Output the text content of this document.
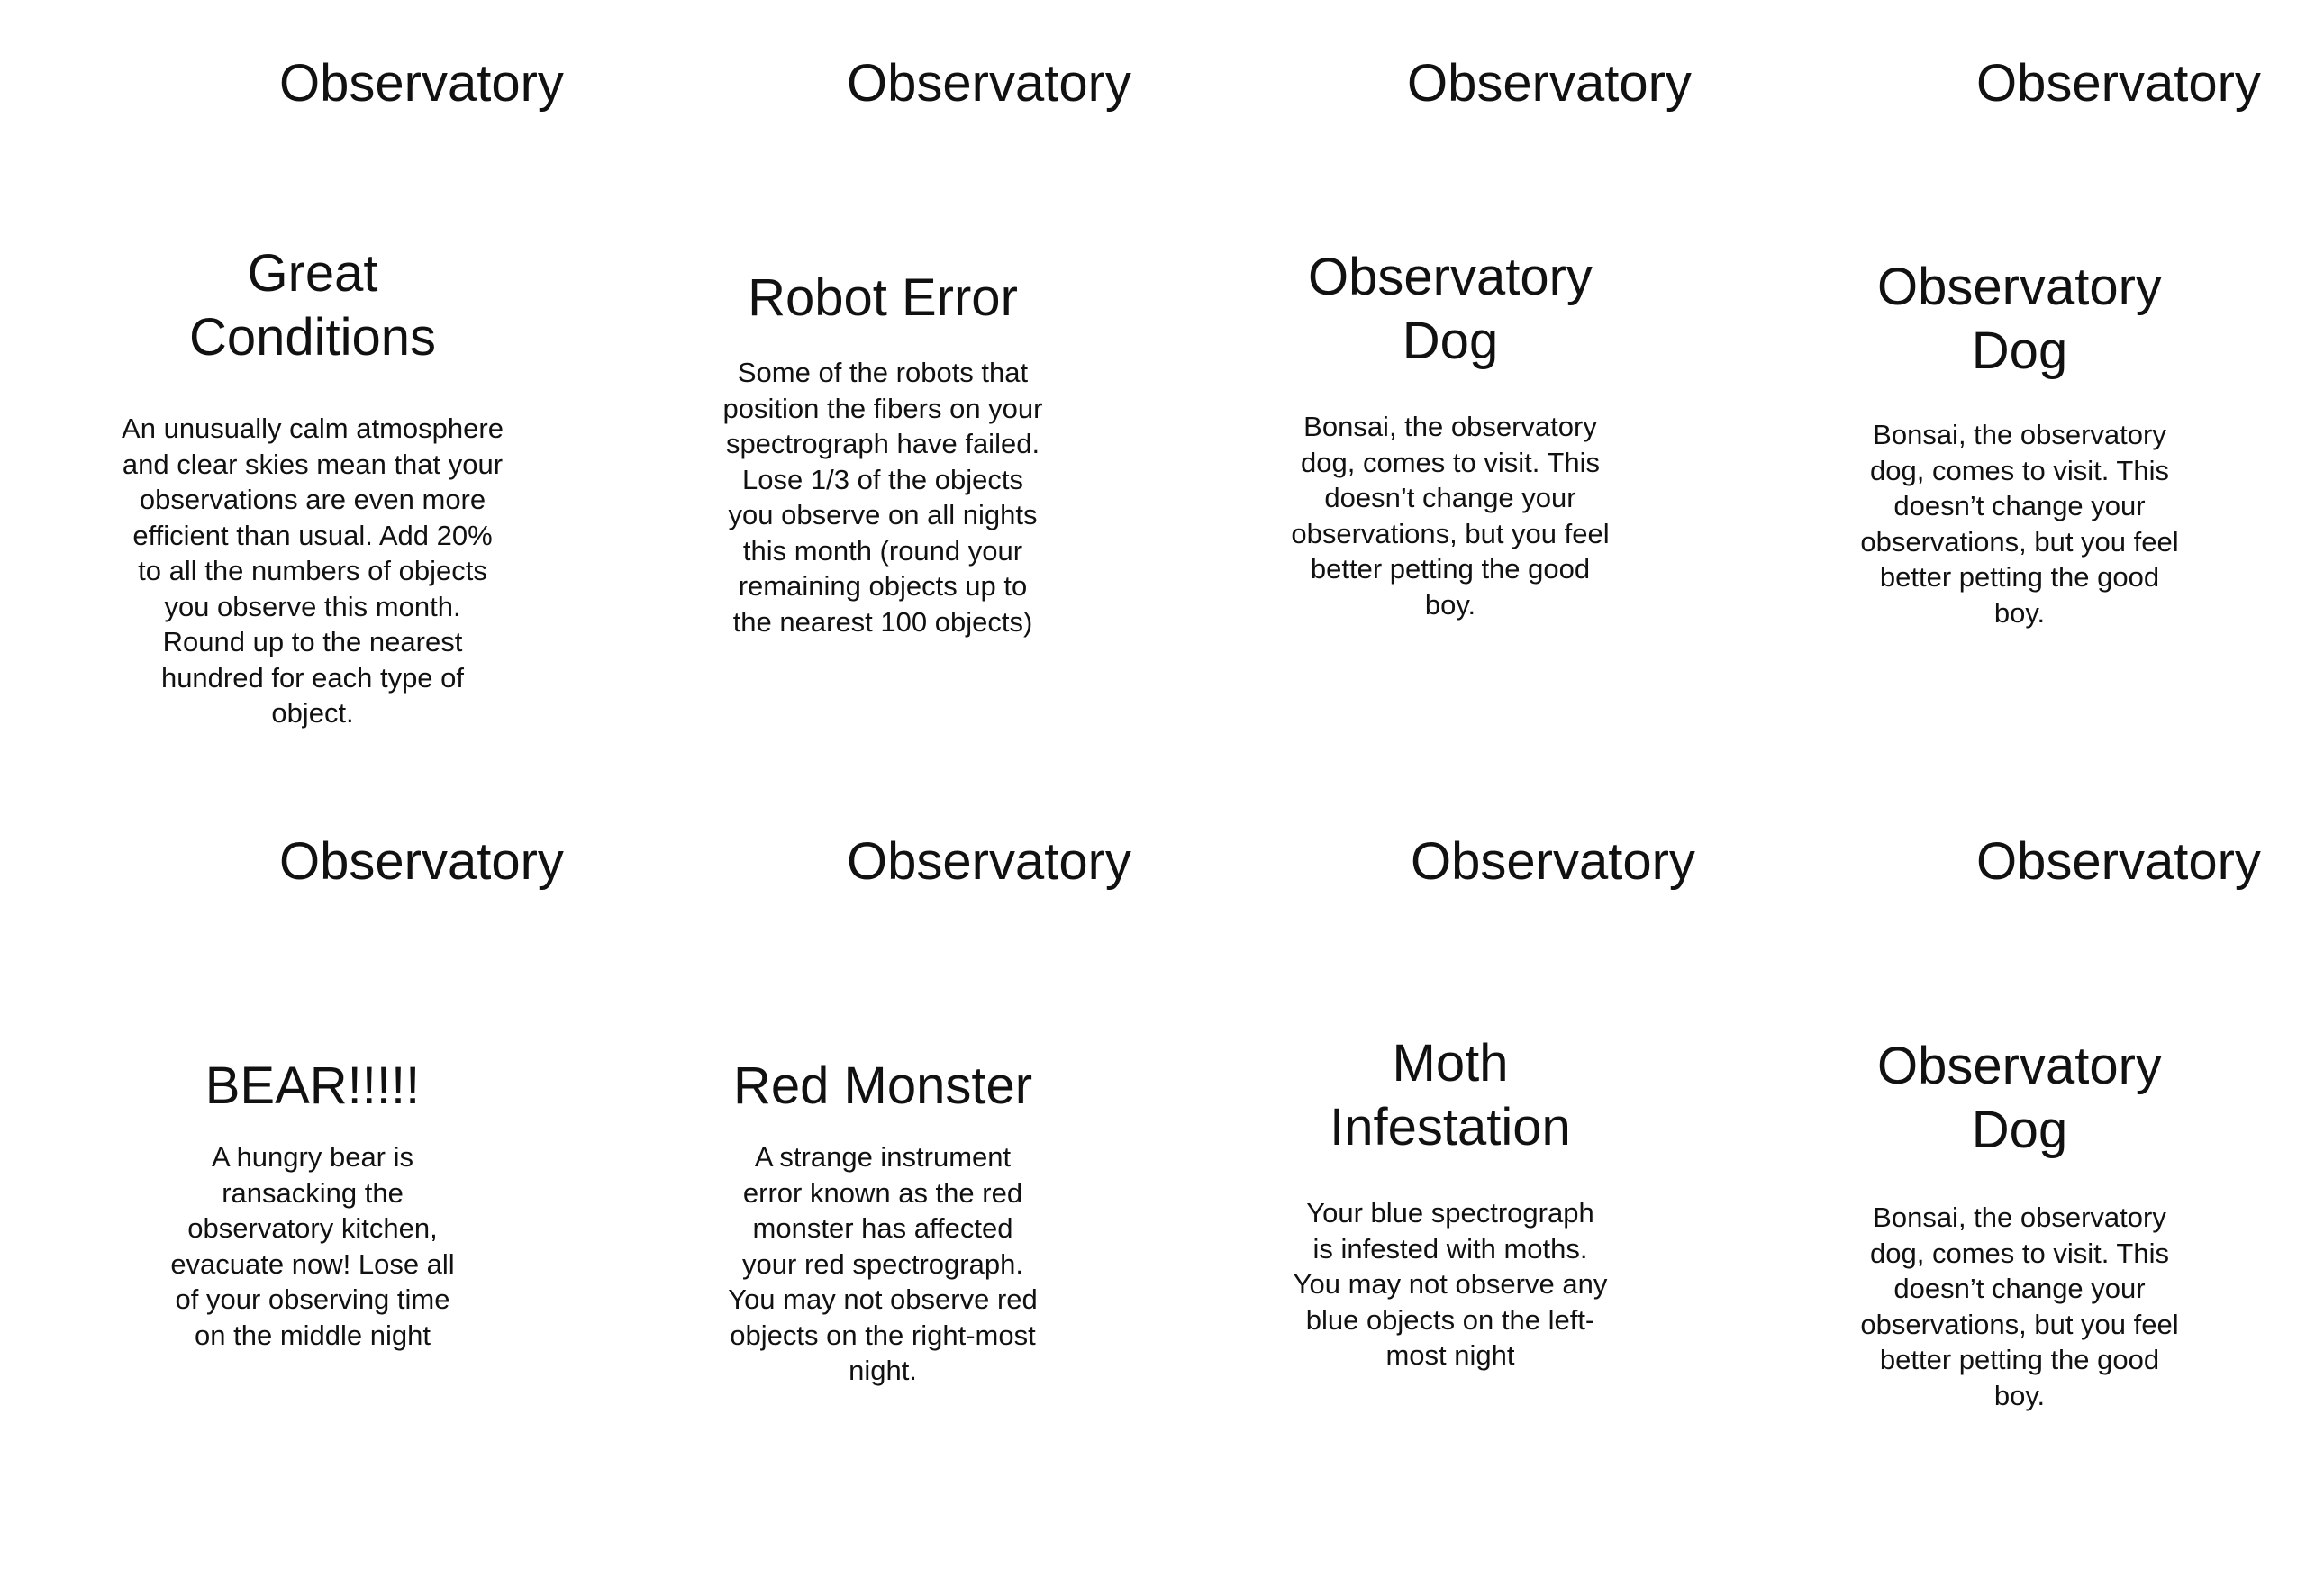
Observatory	Observatory	Observatory	Observatory
Great
Conditions
An unusually calm atmosphere and clear skies mean that your observations are even more efficient than usual. Add 20% to all the numbers of objects you observe this month. Round up to the nearest hundred for each type of object.
Robot Error
Some of the robots that position the fibers on your spectrograph have failed. Lose 1/3 of the objects you observe on all nights this month (round your remaining objects up to the nearest 100 objects)
Observatory
Dog
Bonsai, the observatory dog, comes to visit. This doesn’t change your observations, but you feel better petting the good boy.
Observatory
Dog
Bonsai, the observatory dog, comes to visit. This doesn’t change your observations, but you feel better petting the good boy.
Observatory	Observatory	Observatory	Observatory
BEAR!!!!!
A hungry bear is ransacking the observatory kitchen, evacuate now! Lose all of your observing time on the middle night
Red Monster
A strange instrument error known as the red monster has affected your red spectrograph. You may not observe red objects on the right-most night.
Moth
Infestation
Your blue spectrograph is infested with moths. You may not observe any blue objects on the left-most night
Observatory
Dog
Bonsai, the observatory dog, comes to visit. This doesn’t change your observations, but you feel better petting the good boy.
